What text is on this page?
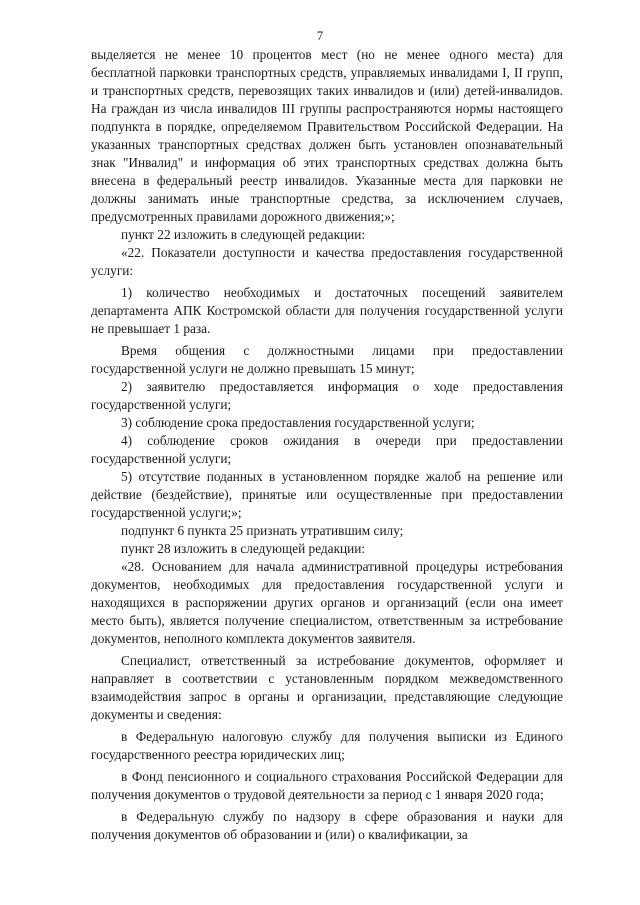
7

выделяется не менее 10 процентов мест (но не менее одного места) для бесплатной парковки транспортных средств, управляемых инвалидами I, II групп, и транспортных средств, перевозящих таких инвалидов и (или) детей-инвалидов. На граждан из числа инвалидов III группы распространяются нормы настоящего подпункта в порядке, определяемом Правительством Российской Федерации. На указанных транспортных средствах должен быть установлен опознавательный знак "Инвалид" и информация об этих транспортных средствах должна быть внесена в федеральный реестр инвалидов. Указанные места для парковки не должны занимать иные транспортные средства, за исключением случаев, предусмотренных правилами дорожного движения;»;

пункт 22 изложить в следующей редакции:

«22. Показатели доступности и качества предоставления государственной услуги:

1) количество необходимых и достаточных посещений заявителем департамента АПК Костромской области для получения государственной услуги не превышает 1 раза.

Время общения с должностными лицами при предоставлении государственной услуги не должно превышать 15 минут;

2) заявителю предоставляется информация о ходе предоставления государственной услуги;

3) соблюдение срока предоставления государственной услуги;

4) соблюдение сроков ожидания в очереди при предоставлении государственной услуги;

5) отсутствие поданных в установленном порядке жалоб на решение или действие (бездействие), принятые или осуществленные при предоставлении государственной услуги;»;

подпункт 6 пункта 25 признать утратившим силу;

пункт 28 изложить в следующей редакции:

«28. Основанием для начала административной процедуры истребования документов, необходимых для предоставления государственной услуги и находящихся в распоряжении других органов и организаций (если она имеет место быть), является получение специалистом, ответственным за истребование документов, неполного комплекта документов заявителя.

Специалист, ответственный за истребование документов, оформляет и направляет в соответствии с установленным порядком межведомственного взаимодействия запрос в органы и организации, представляющие следующие документы и сведения:

в Федеральную налоговую службу для получения выписки из Единого государственного реестра юридических лиц;

в Фонд пенсионного и социального страхования Российской Федерации для получения документов о трудовой деятельности за период с 1 января 2020 года;

в Федеральную службу по надзору в сфере образования и науки для получения документов об образовании и (или) о квалификации, за
